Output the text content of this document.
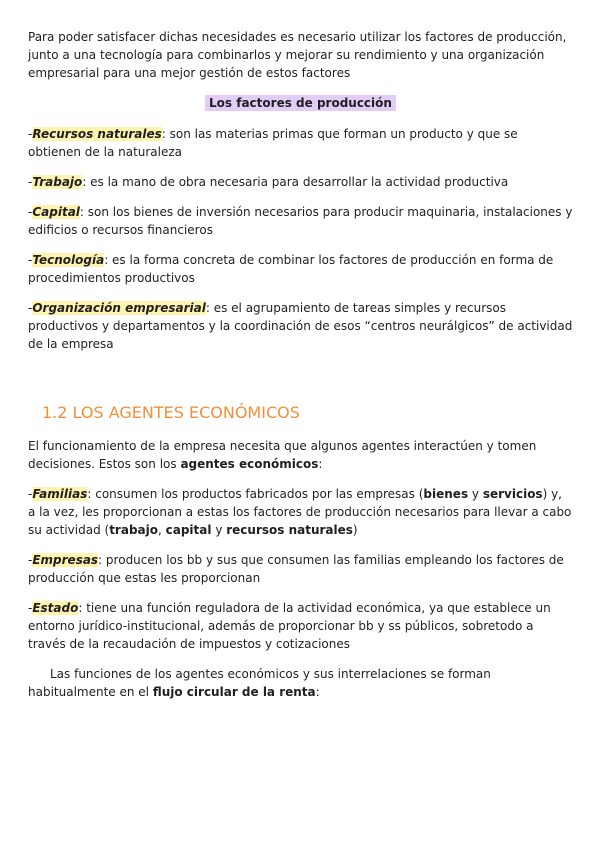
Para poder satisfacer dichas necesidades es necesario utilizar los factores de producción, junto a una tecnología para combinarlos y mejorar su rendimiento y una organización empresarial para una mejor gestión de estos factores

Los factores de producción

-Recursos naturales: son las materias primas que forman un producto y que se obtienen de la naturaleza

-Trabajo: es la mano de obra necesaria para desarrollar la actividad productiva

-Capital: son los bienes de inversión necesarios para producir maquinaria, instalaciones y edificios o recursos financieros

-Tecnología: es la forma concreta de combinar los factores de producción en forma de procedimientos productivos

-Organización empresarial: es el agrupamiento de tareas simples y recursos productivos y departamentos y la coordinación de esos “centros neurálgicos” de actividad de la empresa

1.2 LOS AGENTES ECONÓMICOS

El funcionamiento de la empresa necesita que algunos agentes interactúen y tomen decisiones. Estos son los agentes económicos:

-Familias: consumen los productos fabricados por las empresas (bienes y servicios) y, a la vez, les proporcionan a estas los factores de producción necesarios para llevar a cabo su actividad (trabajo, capital y recursos naturales)

-Empresas: producen los bb y sus que consumen las familias empleando los factores de producción que estas les proporcionan

-Estado: tiene una función reguladora de la actividad económica, ya que establece un entorno jurídico-institucional, además de proporcionar bb y ss públicos, sobretodo a través de la recaudación de impuestos y cotizaciones

Las funciones de los agentes económicos y sus interrelaciones se forman habitualmente en el flujo circular de la renta:
